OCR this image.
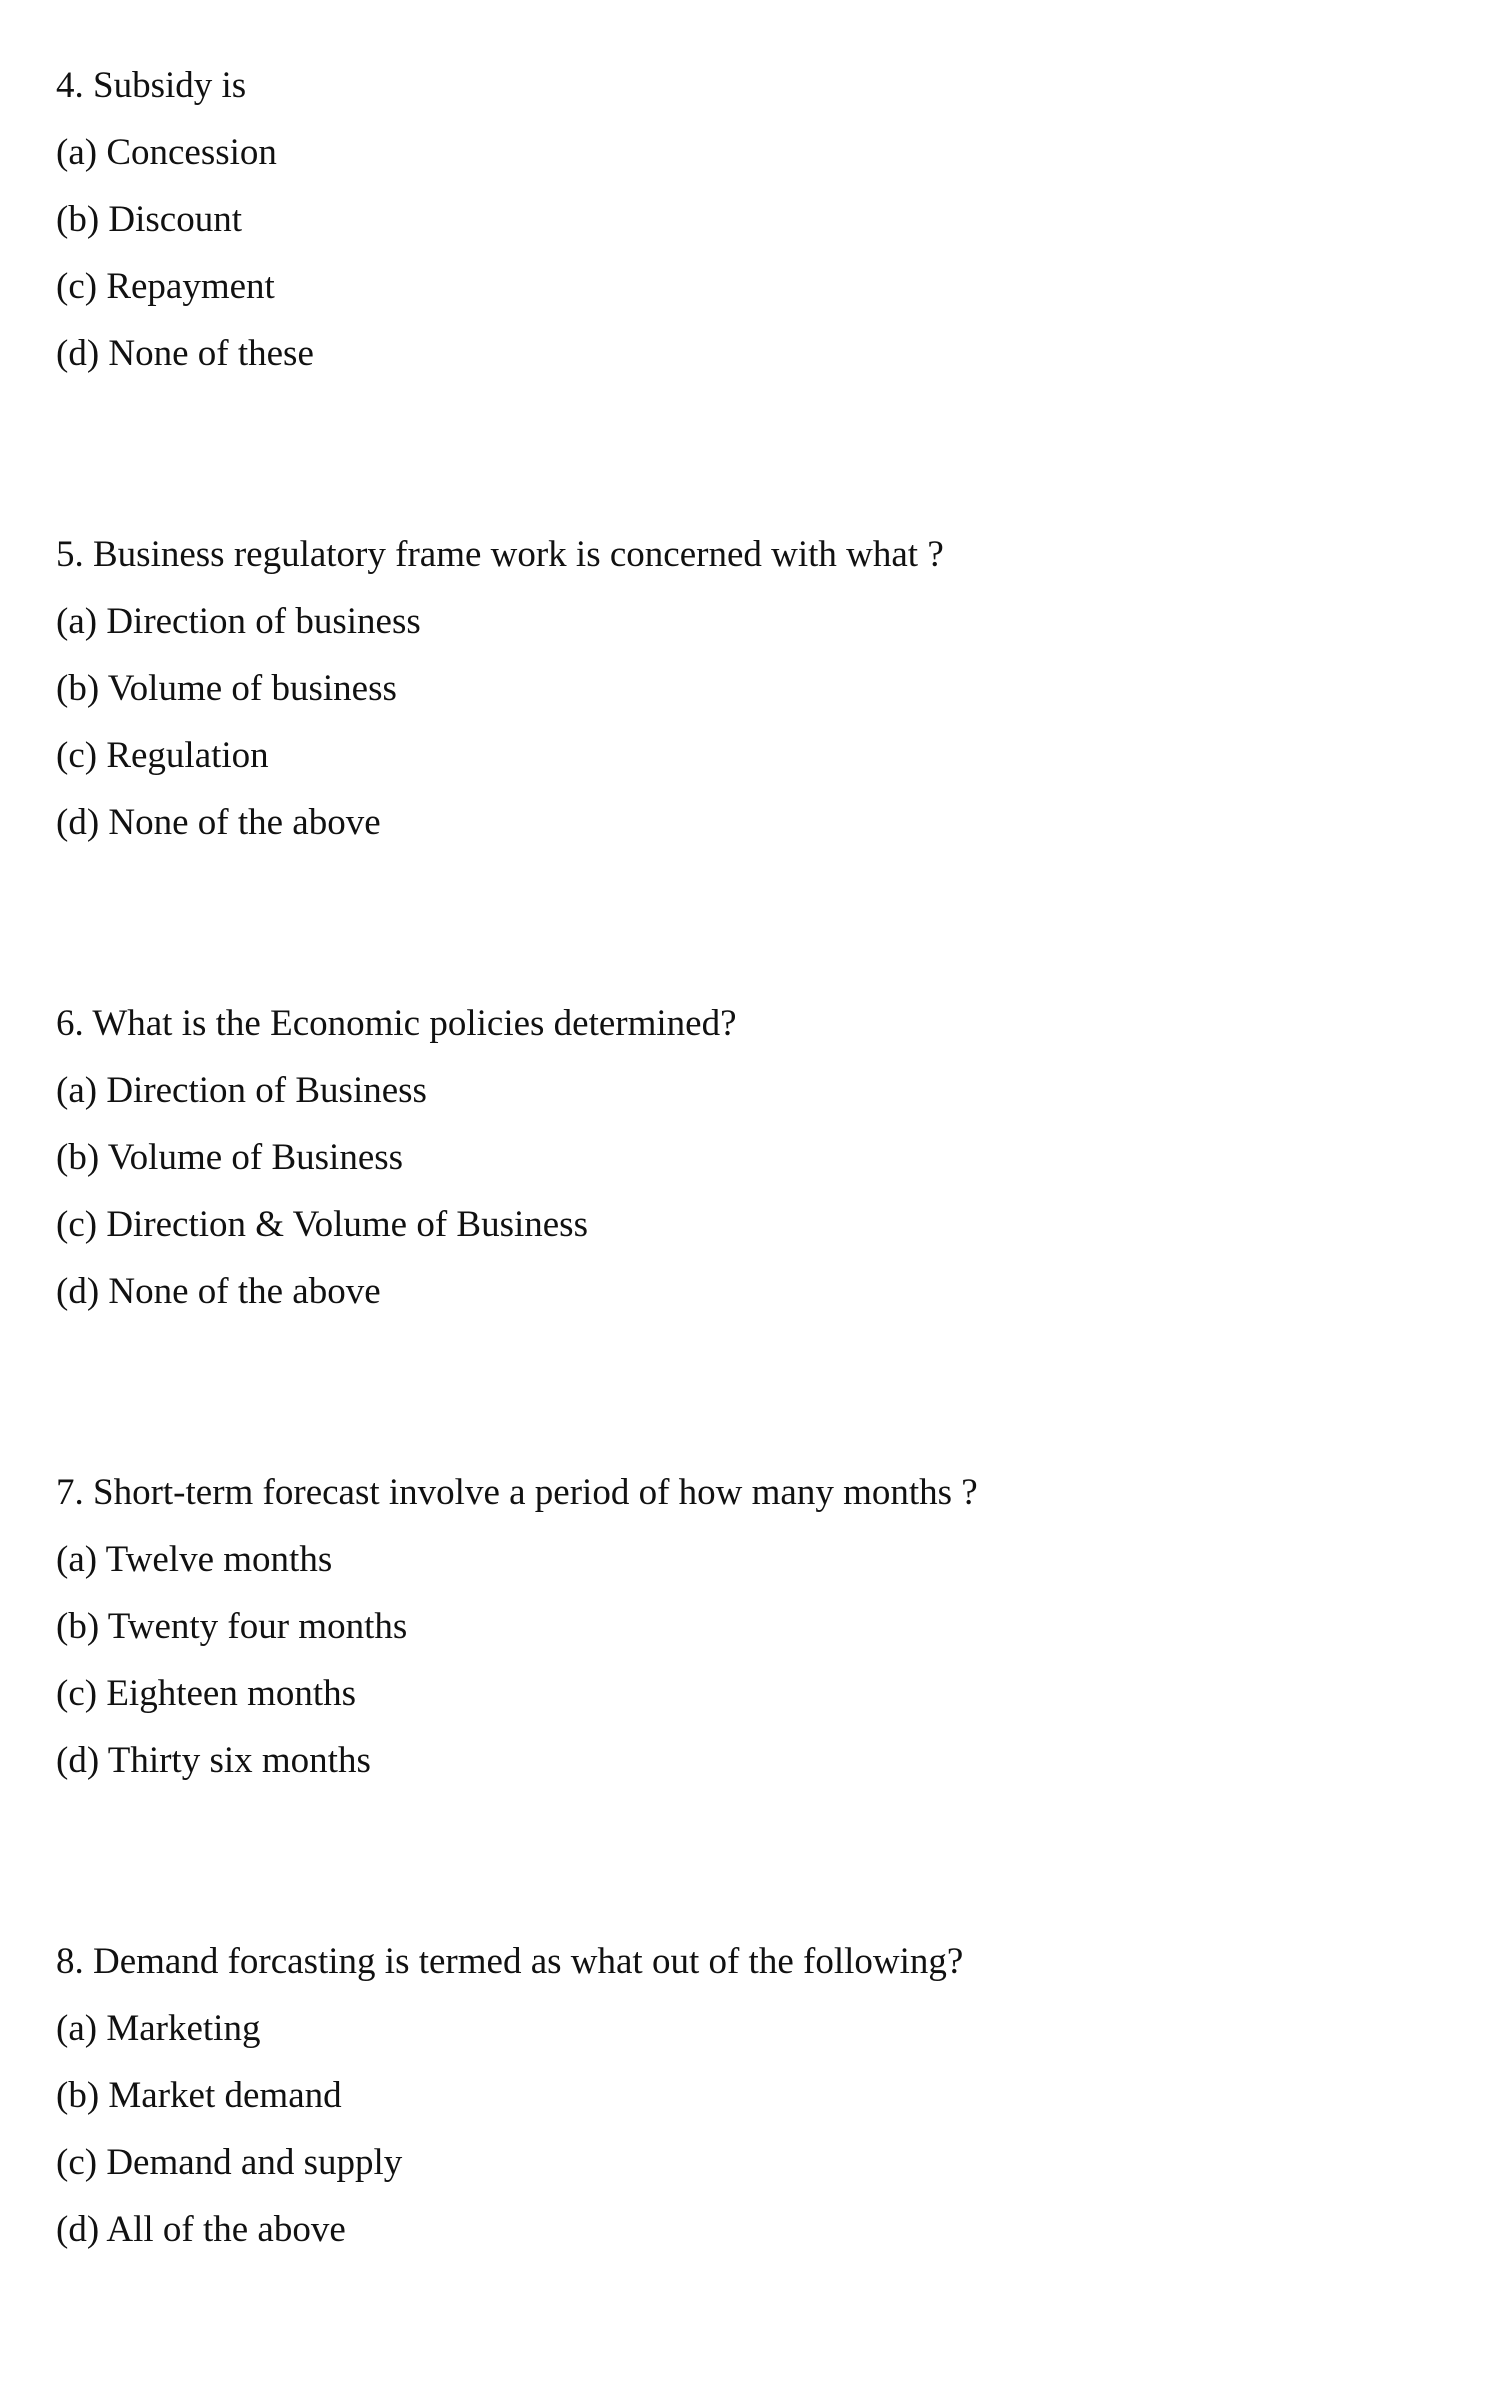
4. Subsidy is
(a) Concession
(b) Discount
(c) Repayment
(d) None of these
5. Business regulatory frame work is concerned with what ?
(a) Direction of business
(b) Volume of business
(c) Regulation
(d) None of the above
6. What is the Economic policies determined?
(a) Direction of Business
(b) Volume of Business
(c) Direction & Volume of Business
(d) None of the above
7. Short-term forecast involve a period of how many months ?
(a) Twelve months
(b) Twenty four months
(c) Eighteen months
(d) Thirty six months
8. Demand forcasting is termed as what out of the following?
(a) Marketing
(b) Market demand
(c) Demand and supply
(d) All of the above
